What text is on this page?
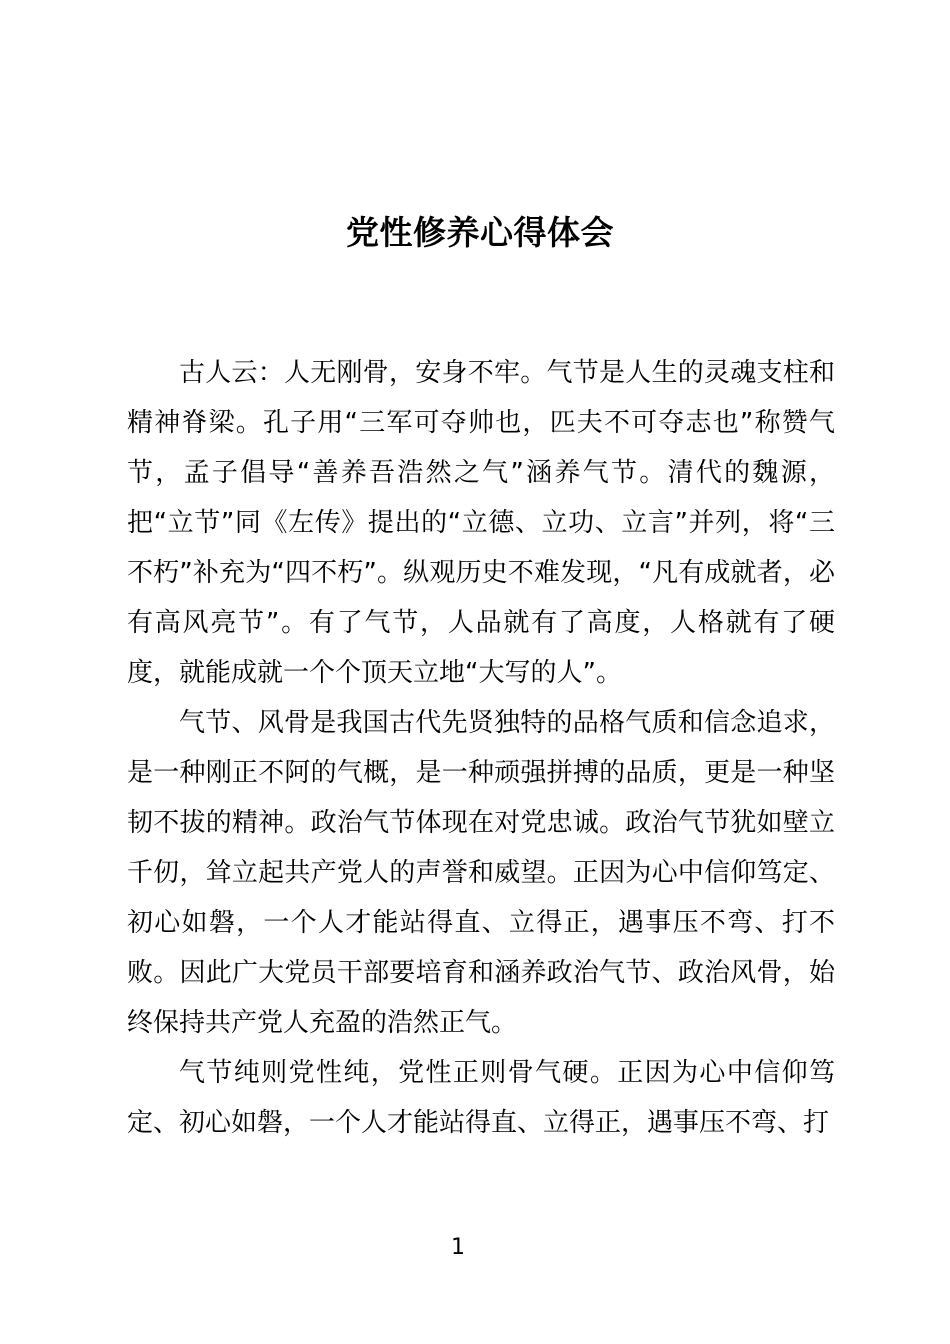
党性修养心得体会

古人云：人无刚骨，安身不牢。气节是人生的灵魂支柱和精神脊梁。孔子用“三军可夺帅也，匹夫不可夺志也”称赞气节，孟子倡导“善养吾浩然之气”涵养气节。清代的魏源，把“立节”同《左传》提出的“立德、立功、立言”并列，将“三不朽”补充为“四不朽”。纵观历史不难发现，“凡有成就者，必有高风亮节”。有了气节，人品就有了高度，人格就有了硬度，就能成就一个个顶天立地“大写的人”。

气节、风骨是我国古代先贤独特的品格气质和信念追求，是一种刚正不阿的气概，是一种顽强拼搏的品质，更是一种坚韧不拔的精神。政治气节体现在对党忠诚。政治气节犹如壁立千仞，耸立起共产党人的声誉和威望。正因为心中信仰笃定、初心如磐，一个人才能站得直、立得正，遇事压不弯、打不败。因此广大党员干部要培育和涵养政治气节、政治风骨，始终保持共产党人充盈的浩然正气。

气节纯则党性纯，党性正则骨气硬。正因为心中信仰笃定、初心如磐，一个人才能站得直、立得正，遇事压不弯、打

1
